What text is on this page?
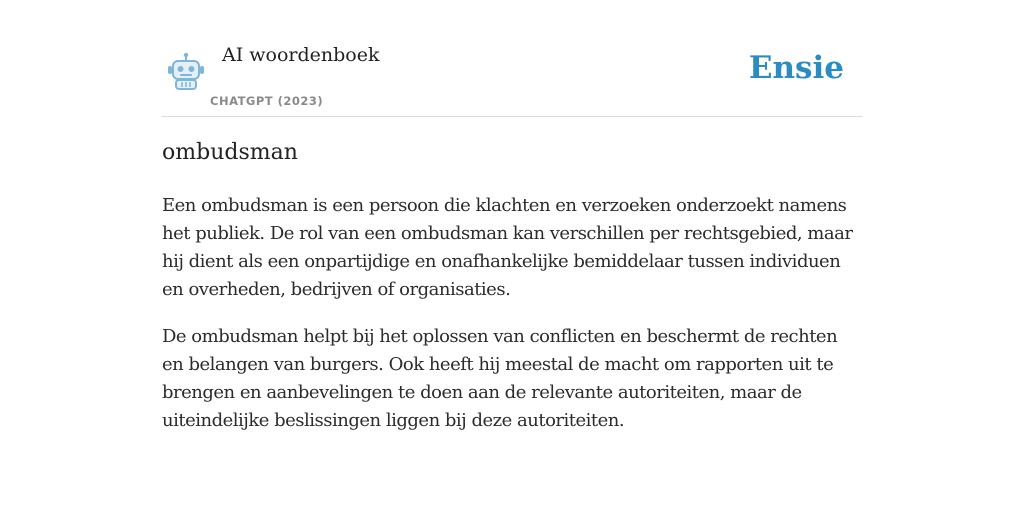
AI woordenboek
CHATGPT (2023)
Ensie
ombudsman

Een ombudsman is een persoon die klachten en verzoeken onderzoekt namens het publiek. De rol van een ombudsman kan verschillen per rechtsgebied, maar hij dient als een onpartijdige en onafhankelijke bemiddelaar tussen individuen en overheden, bedrijven of organisaties.

De ombudsman helpt bij het oplossen van conflicten en beschermt de rechten en belangen van burgers. Ook heeft hij meestal de macht om rapporten uit te brengen en aanbevelingen te doen aan de relevante autoriteiten, maar de uiteindelijke beslissingen liggen bij deze autoriteiten.
